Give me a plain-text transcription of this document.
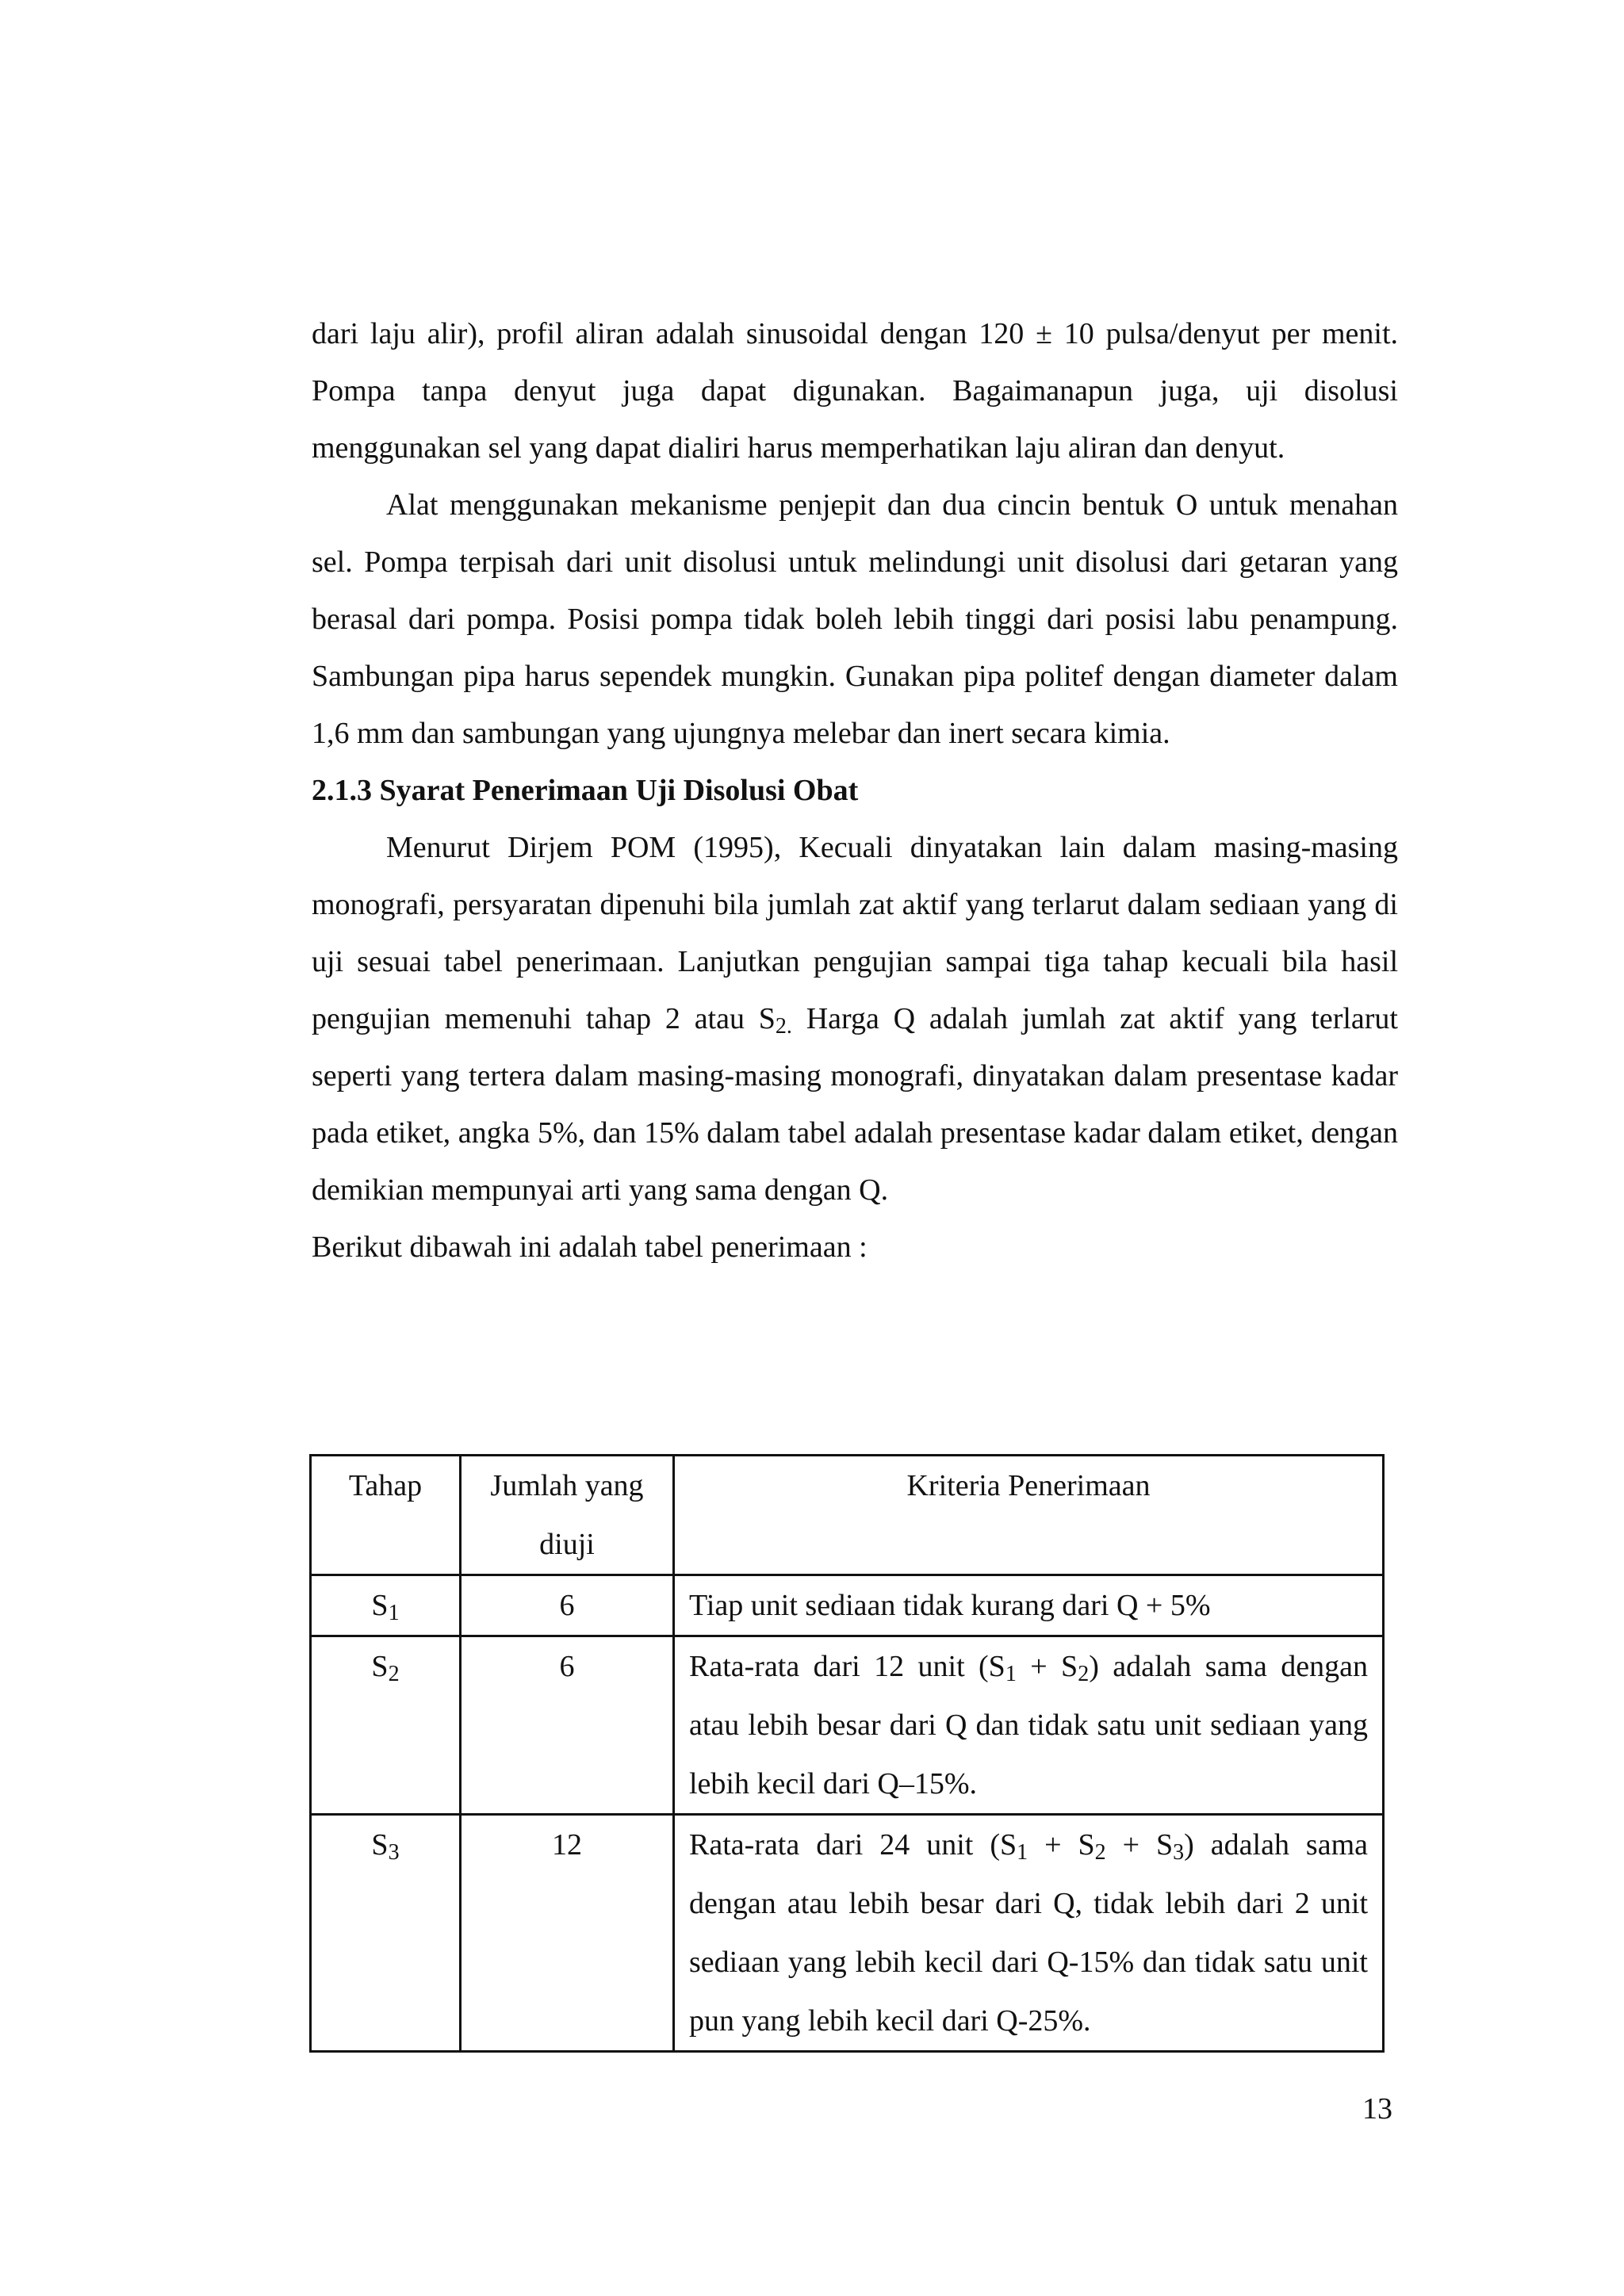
dari laju alir), profil aliran adalah sinusoidal dengan 120 ± 10 pulsa/denyut per menit. Pompa tanpa denyut juga dapat digunakan. Bagaimanapun juga, uji disolusi menggunakan sel yang dapat dialiri harus memperhatikan laju aliran dan denyut.

Alat menggunakan mekanisme penjepit dan dua cincin bentuk O untuk menahan sel. Pompa terpisah dari unit disolusi untuk melindungi unit disolusi dari getaran yang berasal dari pompa. Posisi pompa tidak boleh lebih tinggi dari posisi labu penampung. Sambungan pipa harus sependek mungkin. Gunakan pipa politef dengan diameter dalam 1,6 mm dan sambungan yang ujungnya melebar dan inert secara kimia.

2.1.3 Syarat Penerimaan Uji Disolusi Obat

Menurut Dirjem POM (1995), Kecuali dinyatakan lain dalam masing-masing monografi, persyaratan dipenuhi bila jumlah zat aktif yang terlarut dalam sediaan yang di uji sesuai tabel penerimaan. Lanjutkan pengujian sampai tiga tahap kecuali bila hasil pengujian memenuhi tahap 2 atau $S_{2.}$ Harga Q adalah jumlah zat aktif yang terlarut seperti yang tertera dalam masing-masing monografi, dinyatakan dalam presentase kadar pada etiket, angka 5%, dan 15% dalam tabel adalah presentase kadar dalam etiket, dengan demikian mempunyai arti yang sama dengan Q.

Berikut dibawah ini adalah tabel penerimaan :

Tahap	Jumlah yang diuji	Kriteria Penerimaan
$S_1$	6	Tiap unit sediaan tidak kurang dari Q + 5%
$S_2$	6	Rata-rata dari 12 unit $(S_1 + S_2)$ adalah sama dengan atau lebih besar dari Q dan tidak satu unit sediaan yang lebih kecil dari Q–15%.
$S_3$	12	Rata-rata dari 24 unit $(S_1 + S_2 + S_3)$ adalah sama dengan atau lebih besar dari Q, tidak lebih dari 2 unit sediaan yang lebih kecil dari Q-15% dan tidak satu unit pun yang lebih kecil dari Q-25%.
13
